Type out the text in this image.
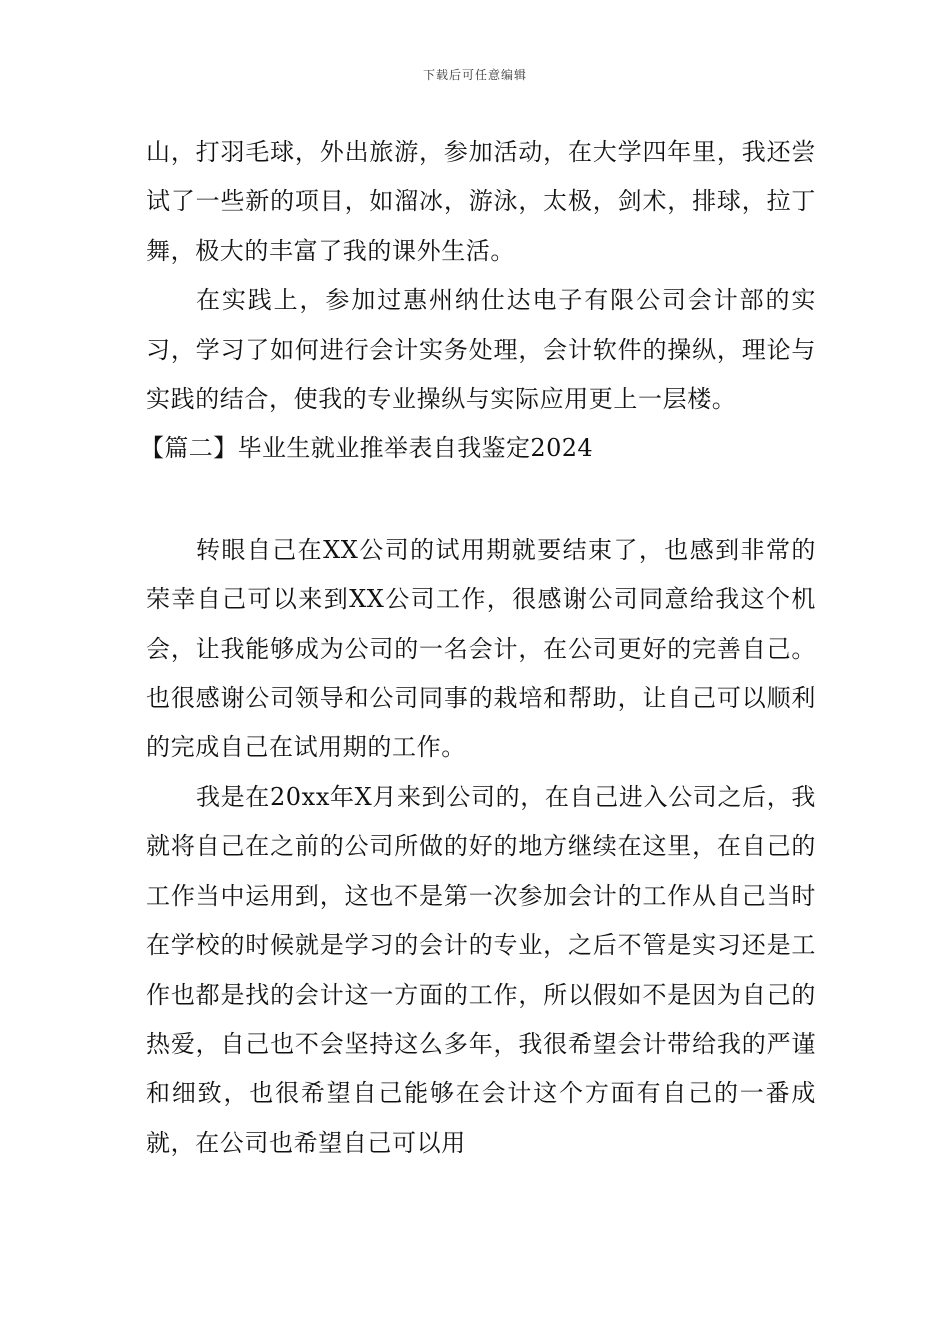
下载后可任意编辑

山，打羽毛球，外出旅游，参加活动，在大学四年里，我还尝试了一些新的项目，如溜冰，游泳，太极，剑术，排球，拉丁舞，极大的丰富了我的课外生活。

在实践上，参加过惠州纳仕达电子有限公司会计部的实习，学习了如何进行会计实务处理，会计软件的操纵，理论与实践的结合，使我的专业操纵与实际应用更上一层楼。

【篇二】毕业生就业推举表自我鉴定2024

转眼自己在XX公司的试用期就要结束了，也感到非常的荣幸自己可以来到XX公司工作，很感谢公司同意给我这个机会，让我能够成为公司的一名会计，在公司更好的完善自己。也很感谢公司领导和公司同事的栽培和帮助，让自己可以顺利的完成自己在试用期的工作。

我是在20xx年X月来到公司的，在自己进入公司之后，我就将自己在之前的公司所做的好的地方继续在这里，在自己的工作当中运用到，这也不是第一次参加会计的工作从自己当时在学校的时候就是学习的会计的专业，之后不管是实习还是工作也都是找的会计这一方面的工作，所以假如不是因为自己的热爱，自己也不会坚持这么多年，我很希望会计带给我的严谨和细致，也很希望自己能够在会计这个方面有自己的一番成就，在公司也希望自己可以用
